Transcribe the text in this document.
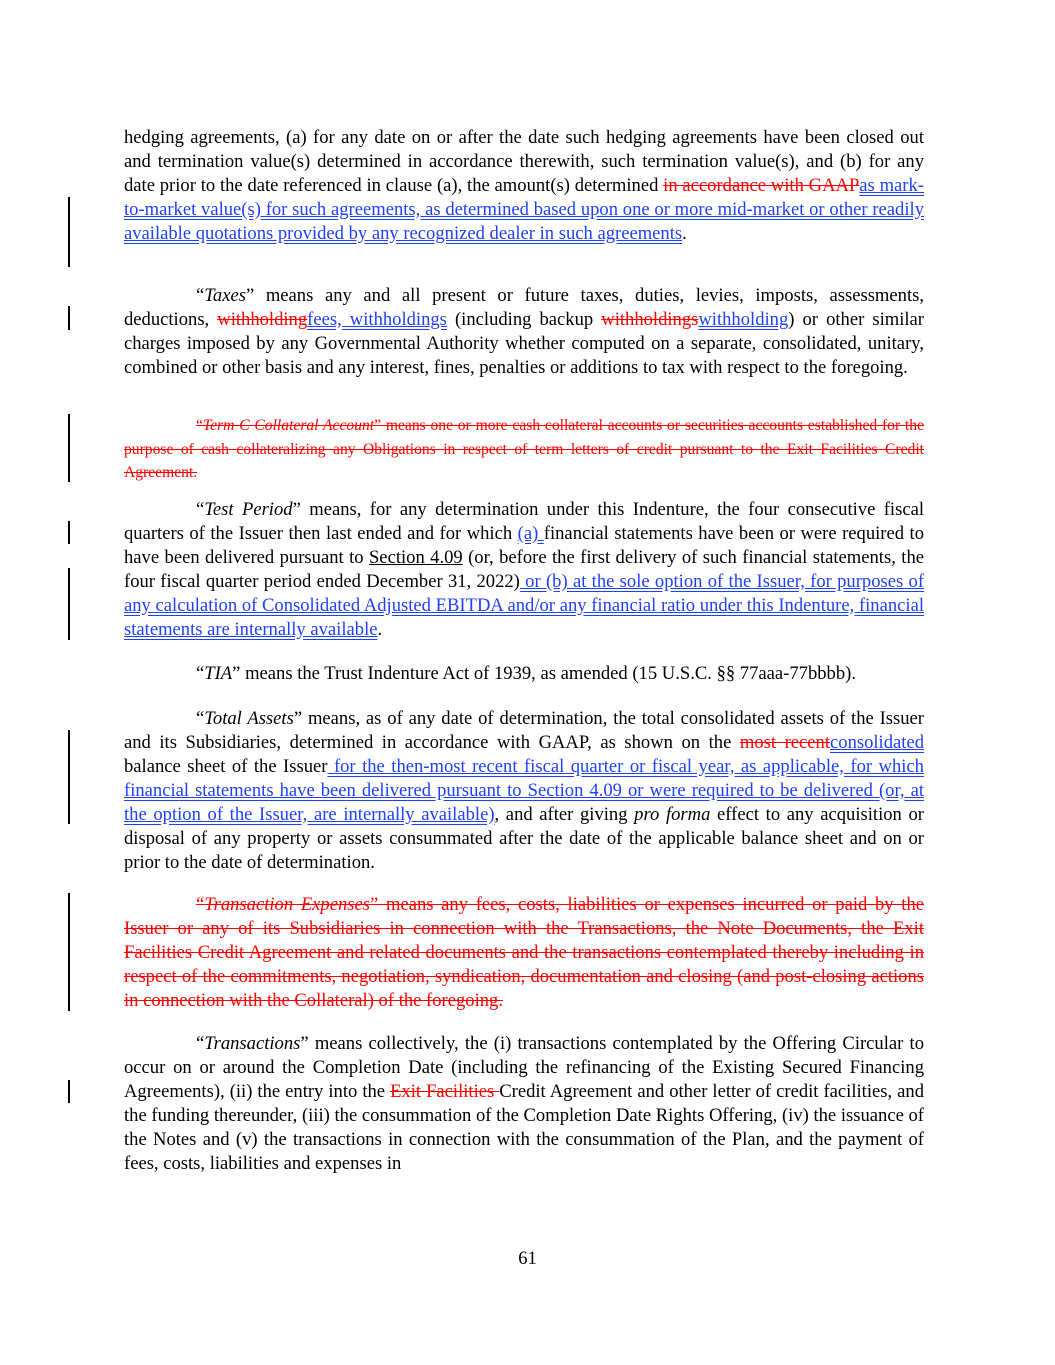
hedging agreements, (a) for any date on or after the date such hedging agreements have been closed out and termination value(s) determined in accordance therewith, such termination value(s), and (b) for any date prior to the date referenced in clause (a), the amount(s) determined in accordance with GAAPas mark-to-market value(s) for such agreements, as determined based upon one or more mid-market or other readily available quotations provided by any recognized dealer in such agreements.

“Taxes” means any and all present or future taxes, duties, levies, imposts, assessments, deductions, withholdingfees, withholdings (including backup withholdingswithholding) or other similar charges imposed by any Governmental Authority whether computed on a separate, consolidated, unitary, combined or other basis and any interest, fines, penalties or additions to tax with respect to the foregoing.

“Term C Collateral Account” means one or more cash collateral accounts or securities accounts established for the purpose of cash collateralizing any Obligations in respect of term letters of credit pursuant to the Exit Facilities Credit Agreement.

“Test Period” means, for any determination under this Indenture, the four consecutive fiscal quarters of the Issuer then last ended and for which (a) financial statements have been or were required to have been delivered pursuant to Section 4.09 (or, before the first delivery of such financial statements, the four fiscal quarter period ended December 31, 2022) or (b) at the sole option of the Issuer, for purposes of any calculation of Consolidated Adjusted EBITDA and/or any financial ratio under this Indenture, financial statements are internally available.

“TIA” means the Trust Indenture Act of 1939, as amended (15 U.S.C. §§ 77aaa-77bbbb).

“Total Assets” means, as of any date of determination, the total consolidated assets of the Issuer and its Subsidiaries, determined in accordance with GAAP, as shown on the most recentconsolidated balance sheet of the Issuer for the then-most recent fiscal quarter or fiscal year, as applicable, for which financial statements have been delivered pursuant to Section 4.09 or were required to be delivered (or, at the option of the Issuer, are internally available), and after giving pro forma effect to any acquisition or disposal of any property or assets consummated after the date of the applicable balance sheet and on or prior to the date of determination.

“Transaction Expenses” means any fees, costs, liabilities or expenses incurred or paid by the Issuer or any of its Subsidiaries in connection with the Transactions, the Note Documents, the Exit Facilities Credit Agreement and related documents and the transactions contemplated thereby including in respect of the commitments, negotiation, syndication, documentation and closing (and post-closing actions in connection with the Collateral) of the foregoing.

“Transactions” means collectively, the (i) transactions contemplated by the Offering Circular to occur on or around the Completion Date (including the refinancing of the Existing Secured Financing Agreements), (ii) the entry into the Exit Facilities Credit Agreement and other letter of credit facilities, and the funding thereunder, (iii) the consummation of the Completion Date Rights Offering, (iv) the issuance of the Notes and (v) the transactions in connection with the consummation of the Plan, and the payment of fees, costs, liabilities and expenses in

61
